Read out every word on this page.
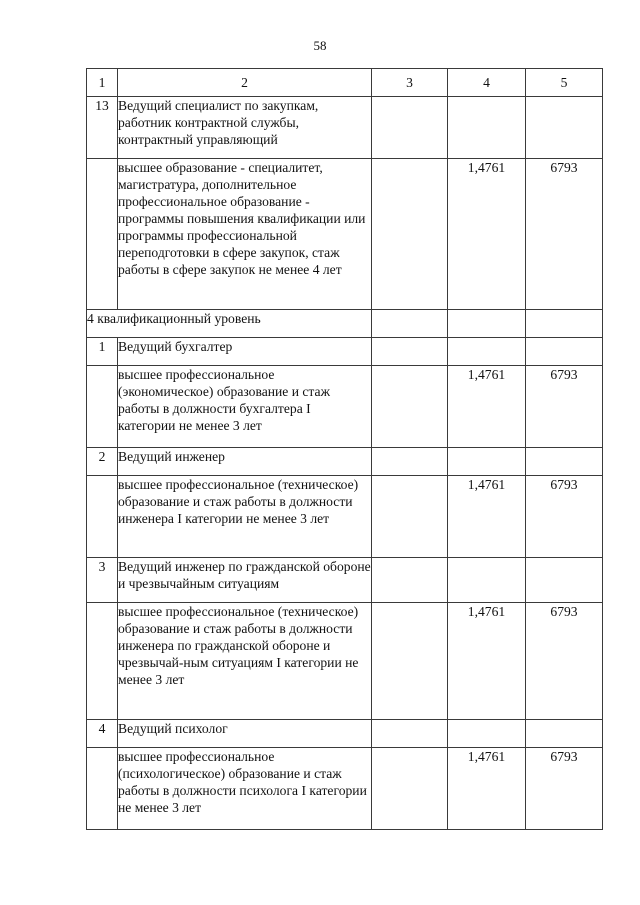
58
1	2	3	4	5
13	Ведущий специалист по закупкам, работник контрактной службы, контрактный управляющий			
	высшее образование - специалитет, магистратура, дополнительное профессиональное образование - программы повышения квалификации или программы профессиональной переподготовки в сфере закупок, стаж работы в сфере закупок не менее 4 лет		1,4761	6793
4 квалификационный уровень				
1	Ведущий бухгалтер			
	высшее профессиональное (экономическое) образование и стаж работы в должности бухгалтера I категории не менее 3 лет		1,4761	6793
2	Ведущий инженер			
	высшее профессиональное (техническое) образование и стаж работы в должности инженера I категории не менее 3 лет		1,4761	6793
3	Ведущий инженер по гражданской обороне и чрезвычайным ситуациям			
	высшее профессиональное (техническое) образование и стаж работы в должности инженера по гражданской обороне и чрезвычай-ным ситуациям I категории не менее 3 лет		1,4761	6793
4	Ведущий психолог			
	высшее профессиональное (психологическое) образование и стаж работы в должности психолога I категории не менее 3 лет		1,4761	6793
